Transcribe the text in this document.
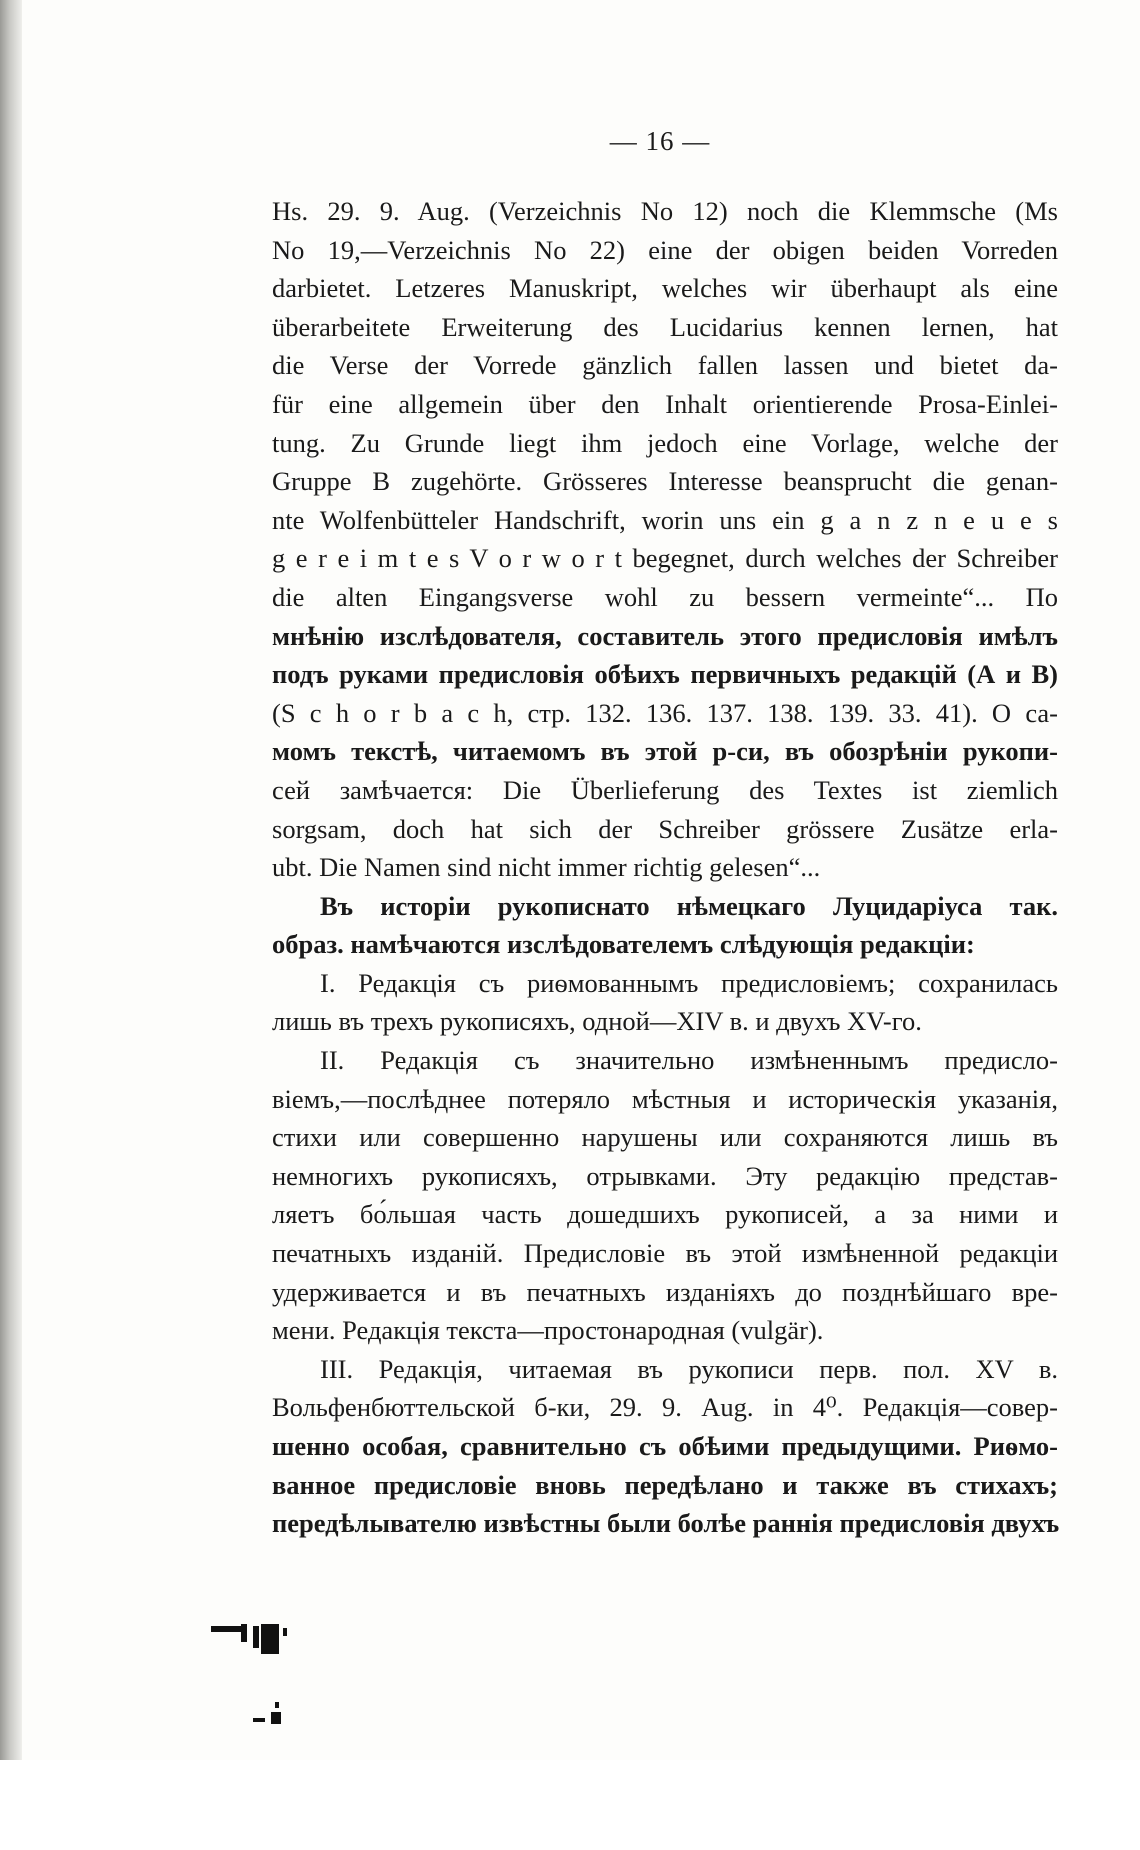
— 16 —
Hs. 29. 9. Aug. (Verzeichnis No 12) noch die Klemmsche (Ms
No 19,—Verzeichnis No 22) eine der obigen beiden Vorreden
darbietet. Letzeres Manuskript, welches wir überhaupt als eine
überarbeitete Erweiterung des Lucidarius kennen lernen, hat
die Verse der Vorrede gänzlich fallen lassen und bietet da-
für eine allgemein über den Inhalt orientierende Prosa-Einlei-
tung. Zu Grunde liegt ihm jedoch eine Vorlage, welche der
Gruppe B zugehörte. Grösseres Interesse beansprucht die genan-
nte Wolfenbütteler Handschrift, worin uns ein g a n z n e u e s
g e r e i m t e s V o r w o r t begegnet, durch welches der Schreiber
die alten Eingangsverse wohl zu bessern vermeinte“... По
мнѣнію изслѣдователя, составитель этого предисловія имѣлъ
подъ руками предисловія обѣихъ первичныхъ редакцій (А и В)
(S c h o r b a c h, стр. 132. 136. 137. 138. 139. 33. 41). О са-
момъ текстѣ, читаемомъ въ этой р-си, въ обозрѣніи рукопи-
сей замѣчается: Die Überlieferung des Textes ist ziemlich
sorgsam, doch hat sich der Schreiber grössere Zusätze erla-
ubt. Die Namen sind nicht immer richtig gelesen“...
Въ исторіи рукописнато нѣмецкаго Луцидаріуса так.
образ. намѣчаются изслѣдователемъ слѣдующія редакціи:
I. Редакція съ риѳмованнымъ предисловіемъ; сохранилась
лишь въ трехъ рукописяхъ, одной—XIV в. и двухъ XV-го.
II. Редакція съ значительно измѣненнымъ предисло-
віемъ,—послѣднее потеряло мѣстныя и историческія указанія,
стихи или совершенно нарушены или сохраняются лишь въ
немногихъ рукописяхъ, отрывками. Эту редакцію представ-
ляетъ бо́льшая часть дошедшихъ рукописей, а за ними и
печатныхъ изданій. Предисловіе въ этой измѣненной редакціи
удерживается и въ печатныхъ изданіяхъ до позднѣйшаго вре-
мени. Редакція текста—простонародная (vulgär).
III. Редакція, читаемая въ рукописи перв. пол. XV в.
Вольфенбюттельской б-ки, 29. 9. Aug. in 4⁰. Редакція—совер-
шенно особая, сравнительно съ обѣими предыдущими. Риѳмо-
ванное предисловіе вновь передѣлано и также въ стихахъ;
передѣлывателю извѣстны были болѣе раннія предисловія двухъ
